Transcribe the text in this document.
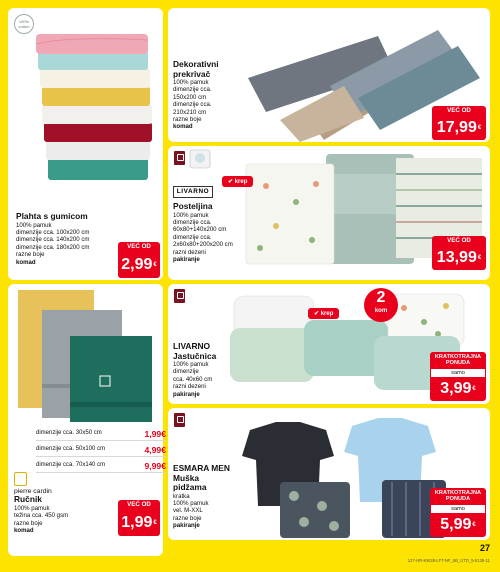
100%
cotton
Plahta s gumicom
100% pamuk
dimenzije cca. 100x200 cm
dimenzije cca. 140x200 cm
dimenzije cca. 180x200 cm
razne boje
komad
VEĆ OD
2,99€
Dekorativni
prekrivač
100% pamuk
dimenzije cca.
150x200 cm
dimenzije cca.
210x210 cm
razne boje
komad
VEĆ OD
17,99€
✔ krep
LIVARNO
Posteljina
100% pamuk
dimenzije cca.
60x80+140x200 cm
dimenzije cca.
2x60x80+200x200 cm
razni dezeni
pakiranje
VEĆ OD
13,99€
dimenzije cca. 30x50 cm	1,99€
dimenzije cca. 50x100 cm	4,99€
dimenzije cca. 70x140 cm	9,99€
pierre cardin
Ručnik
100% pamuk
težina cca. 450 gsm
razne boje
komad
VEĆ OD
1,99€
✔ krep
2
kom
LIVARNO
Jastučnica
100% pamuk
dimenzije
cca. 40x60 cm
razni dezeni
pakiranje
KRATKOTRAJNA
PONUDA
samo
3,99€
ESMARA MEN
Muška
pidžama
kratka
100% pamuk
vel. M-XXL
razne boje
pakiranje
KRATKOTRAJNA
PONUDA
samo
5,99€
27
127-HR-KW38-LFT-NF_5B_UTD_5-5135-11
